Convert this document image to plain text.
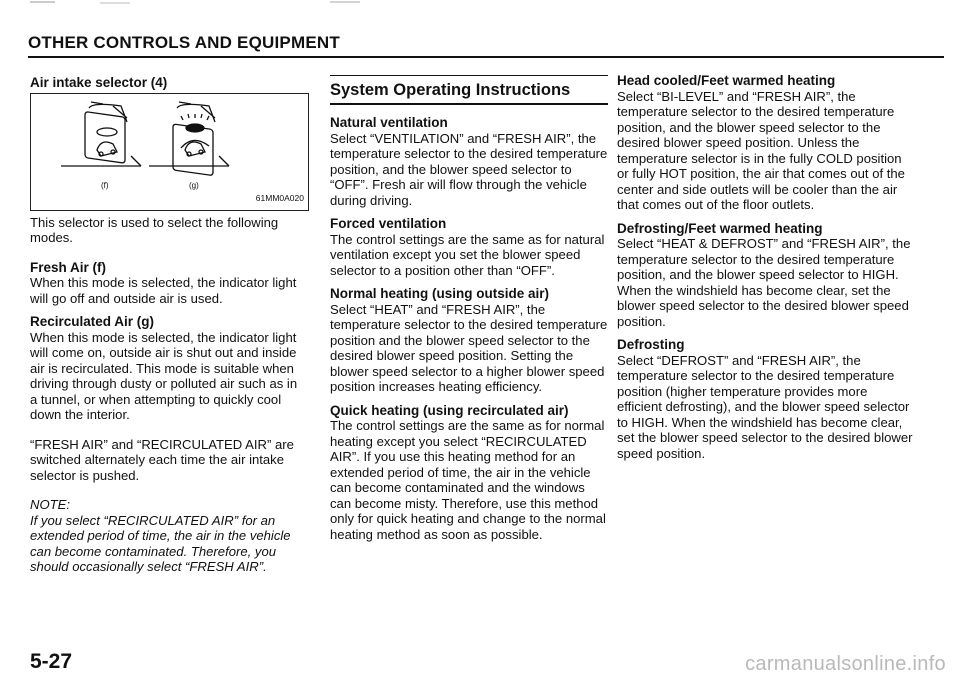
OTHER CONTROLS AND EQUIPMENT
Air intake selector (4)
(f)	(g)
61MM0A020

This selector is used to select the following modes.

Fresh Air (f)

When this mode is selected, the indicator light will go off and outside air is used.

Recirculated Air (g)

When this mode is selected, the indicator light will come on, outside air is shut out and inside air is recirculated. This mode is suitable when driving through dusty or polluted air such as in a tunnel, or when attempting to quickly cool down the interior.

“FRESH AIR” and “RECIRCULATED AIR” are switched alternately each time the air intake selector is pushed.

NOTE:

If you select “RECIRCULATED AIR” for an extended period of time, the air in the vehicle can become contaminated. Therefore, you should occasionally select “FRESH AIR”.

System Operating Instructions
Natural ventilation

Select “VENTILATION” and “FRESH AIR”, the temperature selector to the desired temperature position, and the blower speed selector to “OFF”. Fresh air will flow through the vehicle during driving.

Forced ventilation

The control settings are the same as for natural ventilation except you set the blower speed selector to a position other than “OFF”.

Normal heating (using outside air)

Select “HEAT” and “FRESH AIR”, the temperature selector to the desired temperature position and the blower speed selector to the desired blower speed position. Setting the blower speed selector to a higher blower speed position increases heating efficiency.

Quick heating (using recirculated air)

The control settings are the same as for normal heating except you select “RECIRCULATED AIR”. If you use this heating method for an extended period of time, the air in the vehicle can become contaminated and the windows can become misty. Therefore, use this method only for quick heating and change to the normal heating method as soon as possible.

Head cooled/Feet warmed heating

Select “BI-LEVEL” and “FRESH AIR”, the temperature selector to the desired temperature position, and the blower speed selector to the desired blower speed position. Unless the temperature selector is in the fully COLD position or fully HOT position, the air that comes out of the center and side outlets will be cooler than the air that comes out of the floor outlets.

Defrosting/Feet warmed heating

Select “HEAT & DEFROST” and “FRESH AIR”, the temperature selector to the desired temperature position, and the blower speed selector to HIGH. When the windshield has become clear, set the blower speed selector to the desired blower speed position.

Defrosting

Select “DEFROST” and “FRESH AIR”, the temperature selector to the desired temperature position (higher temperature provides more efficient defrosting), and the blower speed selector to HIGH. When the windshield has become clear, set the blower speed selector to the desired blower speed position.

5-27	carmanualsonline.info
